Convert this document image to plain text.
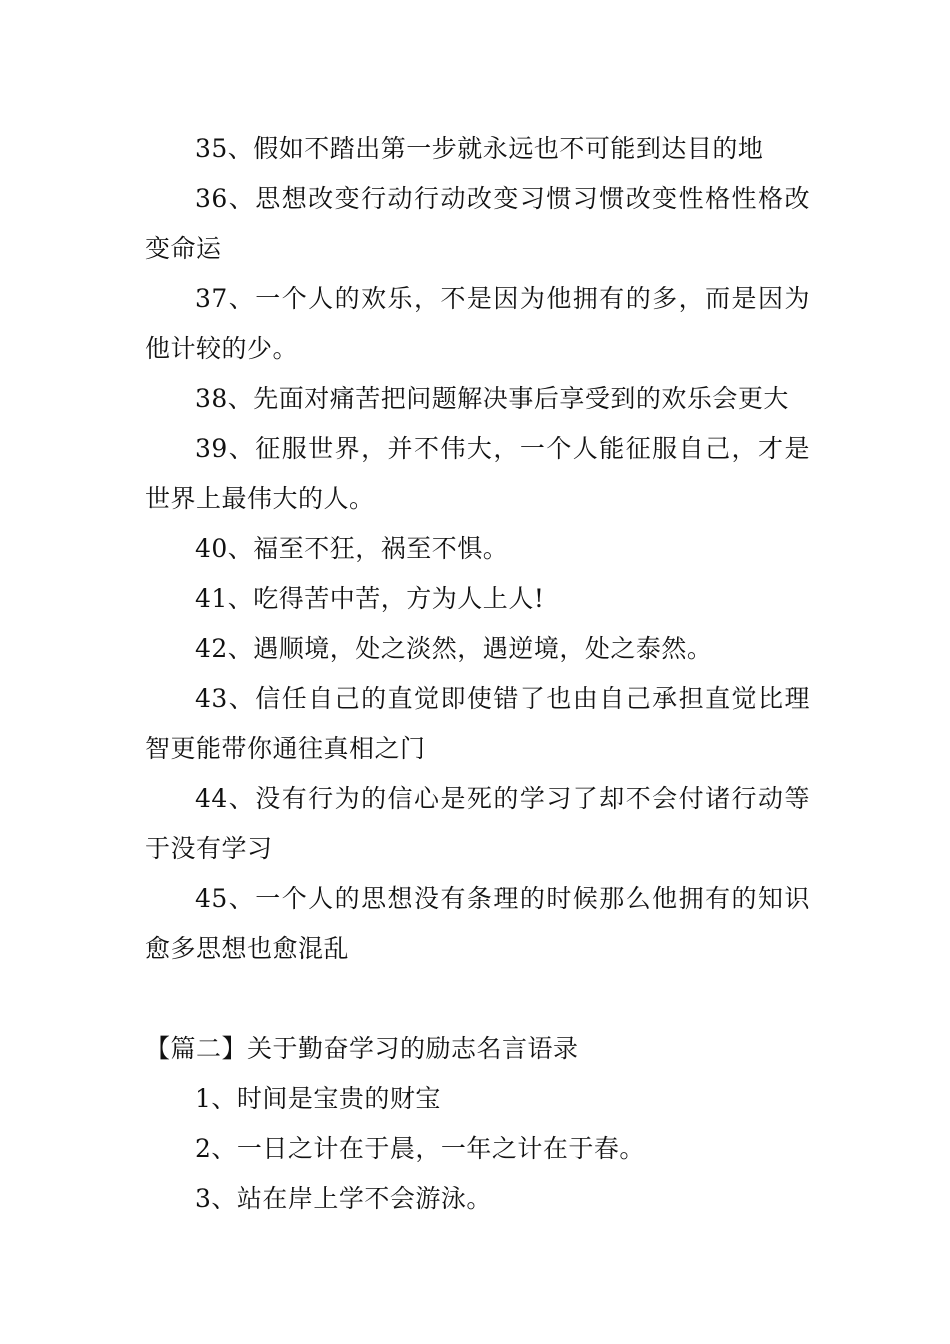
35、假如不踏出第一步就永远也不可能到达目的地

36、思想改变行动行动改变习惯习惯改变性格性格改变命运

37、一个人的欢乐，不是因为他拥有的多，而是因为他计较的少。

38、先面对痛苦把问题解决事后享受到的欢乐会更大

39、征服世界，并不伟大，一个人能征服自己，才是世界上最伟大的人。

40、福至不狂，祸至不惧。

41、吃得苦中苦，方为人上人!

42、遇顺境，处之淡然，遇逆境，处之泰然。

43、信任自己的直觉即使错了也由自己承担直觉比理智更能带你通往真相之门

44、没有行为的信心是死的学习了却不会付诸行动等于没有学习

45、一个人的思想没有条理的时候那么他拥有的知识愈多思想也愈混乱

【篇二】关于勤奋学习的励志名言语录

1、时间是宝贵的财宝

2、一日之计在于晨，一年之计在于春。

3、站在岸上学不会游泳。
